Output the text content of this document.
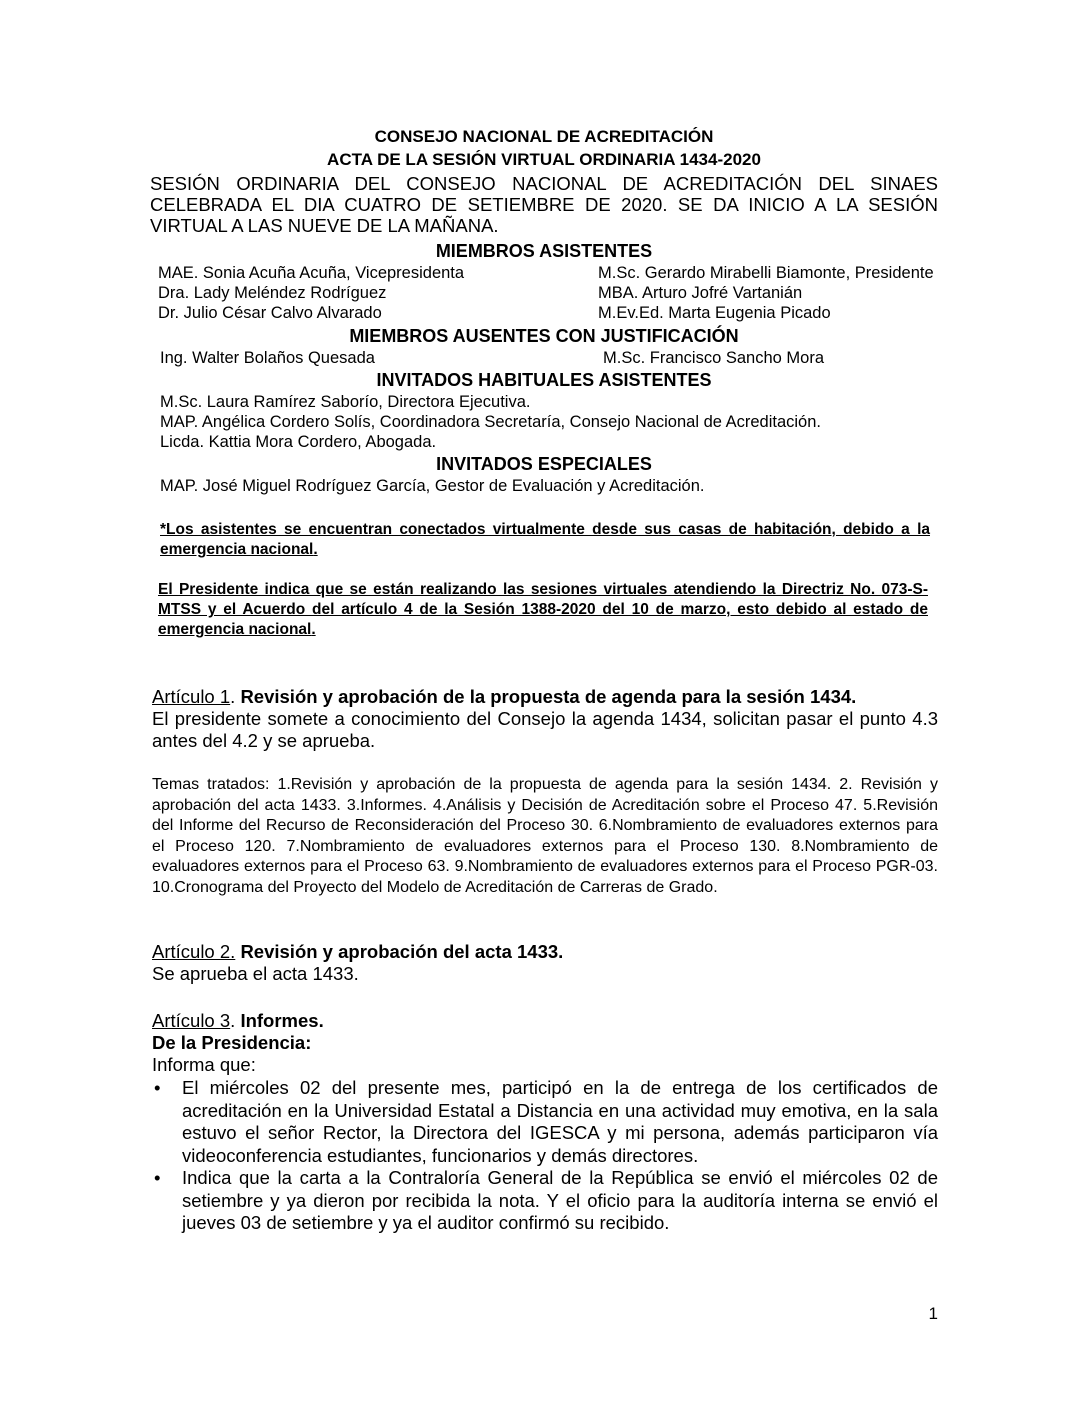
CONSEJO NACIONAL DE ACREDITACIÓN
ACTA DE LA SESIÓN VIRTUAL ORDINARIA 1434-2020
SESIÓN ORDINARIA DEL CONSEJO NACIONAL DE ACREDITACIÓN DEL SINAES CELEBRADA EL DIA CUATRO DE SETIEMBRE DE 2020. SE DA INICIO A LA SESIÓN VIRTUAL A LAS NUEVE DE LA MAÑANA.
MIEMBROS ASISTENTES
MAE. Sonia Acuña Acuña, Vicepresidenta
Dra. Lady Meléndez Rodríguez
Dr. Julio César Calvo Alvarado
M.Sc. Gerardo Mirabelli Biamonte, Presidente
MBA. Arturo Jofré Vartanián
M.Ev.Ed. Marta Eugenia Picado
MIEMBROS AUSENTES CON JUSTIFICACIÓN
Ing. Walter Bolaños Quesada	M.Sc. Francisco Sancho Mora
INVITADOS HABITUALES ASISTENTES
M.Sc. Laura Ramírez Saborío, Directora Ejecutiva.
MAP. Angélica Cordero Solís, Coordinadora Secretaría, Consejo Nacional de Acreditación.
Licda. Kattia Mora Cordero, Abogada.
INVITADOS ESPECIALES
MAP. José Miguel Rodríguez García, Gestor de Evaluación y Acreditación.
*Los asistentes se encuentran conectados virtualmente desde sus casas de habitación, debido a la emergencia nacional.
El Presidente indica que se están realizando las sesiones virtuales atendiendo la Directriz No. 073-S-MTSS y el Acuerdo del artículo 4 de la Sesión 1388-2020 del 10 de marzo, esto debido al estado de emergencia nacional.
Artículo 1. Revisión y aprobación de la propuesta de agenda para la sesión 1434.
El presidente somete a conocimiento del Consejo la agenda 1434, solicitan pasar el punto 4.3 antes del 4.2 y se aprueba.
Temas tratados: 1.Revisión y aprobación de la propuesta de agenda para la sesión 1434. 2. Revisión y aprobación del acta 1433. 3.Informes. 4.Análisis y Decisión de Acreditación sobre el Proceso 47. 5.Revisión del Informe del Recurso de Reconsideración del Proceso 30. 6.Nombramiento de evaluadores externos para el Proceso 120. 7.Nombramiento de evaluadores externos para el Proceso 130. 8.Nombramiento de evaluadores externos para el Proceso 63. 9.Nombramiento de evaluadores externos para el Proceso PGR-03. 10.Cronograma del Proyecto del Modelo de Acreditación de Carreras de Grado.
Artículo 2. Revisión y aprobación del acta 1433.
Se aprueba el acta 1433.
Artículo 3. Informes.
De la Presidencia:
Informa que:
• El miércoles 02 del presente mes, participó en la de entrega de los certificados de acreditación en la Universidad Estatal a Distancia en una actividad muy emotiva, en la sala estuvo el señor Rector, la Directora del IGESCA y mi persona, además participaron vía videoconferencia estudiantes, funcionarios y demás directores.
• Indica que la carta a la Contraloría General de la República se envió el miércoles 02 de setiembre y ya dieron por recibida la nota. Y el oficio para la auditoría interna se envió el jueves 03 de setiembre y ya el auditor confirmó su recibido.
1
